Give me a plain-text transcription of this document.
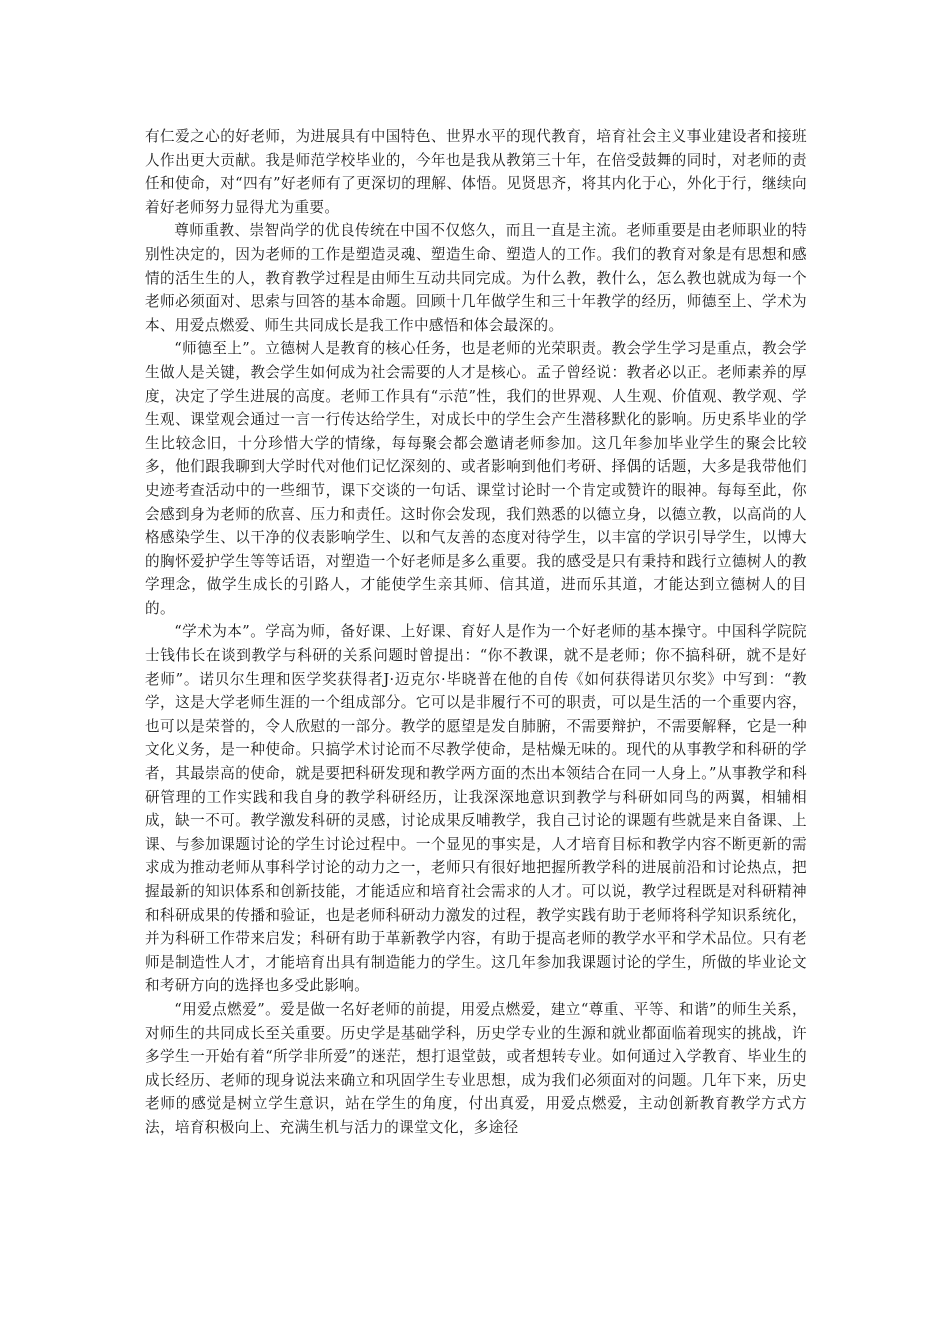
有仁爱之心的好老师，为进展具有中国特色、世界水平的现代教育，培育社会主义事业建设者和接班人作出更大贡献。我是师范学校毕业的，今年也是我从教第三十年，在倍受鼓舞的同时，对老师的责任和使命，对“四有”好老师有了更深切的理解、体悟。见贤思齐，将其内化于心，外化于行，继续向着好老师努力显得尤为重要。

尊师重教、崇智尚学的优良传统在中国不仅悠久，而且一直是主流。老师重要是由老师职业的特别性决定的，因为老师的工作是塑造灵魂、塑造生命、塑造人的工作。我们的教育对象是有思想和感情的活生生的人，教育教学过程是由师生互动共同完成。为什么教，教什么，怎么教也就成为每一个老师必须面对、思索与回答的基本命题。回顾十几年做学生和三十年教学的经历，师德至上、学术为本、用爱点燃爱、师生共同成长是我工作中感悟和体会最深的。

“师德至上”。立德树人是教育的核心任务，也是老师的光荣职责。教会学生学习是重点，教会学生做人是关键，教会学生如何成为社会需要的人才是核心。孟子曾经说：教者必以正。老师素养的厚度，决定了学生进展的高度。老师工作具有“示范”性，我们的世界观、人生观、价值观、教学观、学生观、课堂观会通过一言一行传达给学生，对成长中的学生会产生潜移默化的影响。历史系毕业的学生比较念旧，十分珍惜大学的情缘，每每聚会都会邀请老师参加。这几年参加毕业学生的聚会比较多，他们跟我聊到大学时代对他们记忆深刻的、或者影响到他们考研、择偶的话题，大多是我带他们史迹考查活动中的一些细节，课下交谈的一句话、课堂讨论时一个肯定或赞许的眼神。每每至此，你会感到身为老师的欣喜、压力和责任。这时你会发现，我们熟悉的以德立身，以德立教，以高尚的人格感染学生、以干净的仪表影响学生、以和气友善的态度对待学生，以丰富的学识引导学生，以博大的胸怀爱护学生等等话语，对塑造一个好老师是多么重要。我的感受是只有秉持和践行立德树人的教学理念，做学生成长的引路人，才能使学生亲其师、信其道，进而乐其道，才能达到立德树人的目的。

“学术为本”。学高为师，备好课、上好课、育好人是作为一个好老师的基本操守。中国科学院院士钱伟长在谈到教学与科研的关系问题时曾提出：“你不教课，就不是老师；你不搞科研，就不是好老师”。诺贝尔生理和医学奖获得者J·迈克尔·毕晓普在他的自传《如何获得诺贝尔奖》中写到：“教学，这是大学老师生涯的一个组成部分。它可以是非履行不可的职责，可以是生活的一个重要内容，也可以是荣誉的，令人欣慰的一部分。教学的愿望是发自肺腑，不需要辩护，不需要解释，它是一种文化义务，是一种使命。只搞学术讨论而不尽教学使命，是枯燥无味的。现代的从事教学和科研的学者，其最崇高的使命，就是要把科研发现和教学两方面的杰出本领结合在同一人身上。”从事教学和科研管理的工作实践和我自身的教学科研经历，让我深深地意识到教学与科研如同鸟的两翼，相辅相成，缺一不可。教学激发科研的灵感，讨论成果反哺教学，我自己讨论的课题有些就是来自备课、上课、与参加课题讨论的学生讨论过程中。一个显见的事实是，人才培育目标和教学内容不断更新的需求成为推动老师从事科学讨论的动力之一，老师只有很好地把握所教学科的进展前沿和讨论热点，把握最新的知识体系和创新技能，才能适应和培育社会需求的人才。可以说，教学过程既是对科研精神和科研成果的传播和验证，也是老师科研动力激发的过程，教学实践有助于老师将科学知识系统化，并为科研工作带来启发；科研有助于革新教学内容，有助于提高老师的教学水平和学术品位。只有老师是制造性人才，才能培育出具有制造能力的学生。这几年参加我课题讨论的学生，所做的毕业论文和考研方向的选择也多受此影响。

“用爱点燃爱”。爱是做一名好老师的前提，用爱点燃爱，建立“尊重、平等、和谐”的师生关系，对师生的共同成长至关重要。历史学是基础学科，历史学专业的生源和就业都面临着现实的挑战，许多学生一开始有着“所学非所爱”的迷茫，想打退堂鼓，或者想转专业。如何通过入学教育、毕业生的成长经历、老师的现身说法来确立和巩固学生专业思想，成为我们必须面对的问题。几年下来，历史老师的感觉是树立学生意识，站在学生的角度，付出真爱，用爱点燃爱，主动创新教育教学方式方法，培育积极向上、充满生机与活力的课堂文化，多途径
